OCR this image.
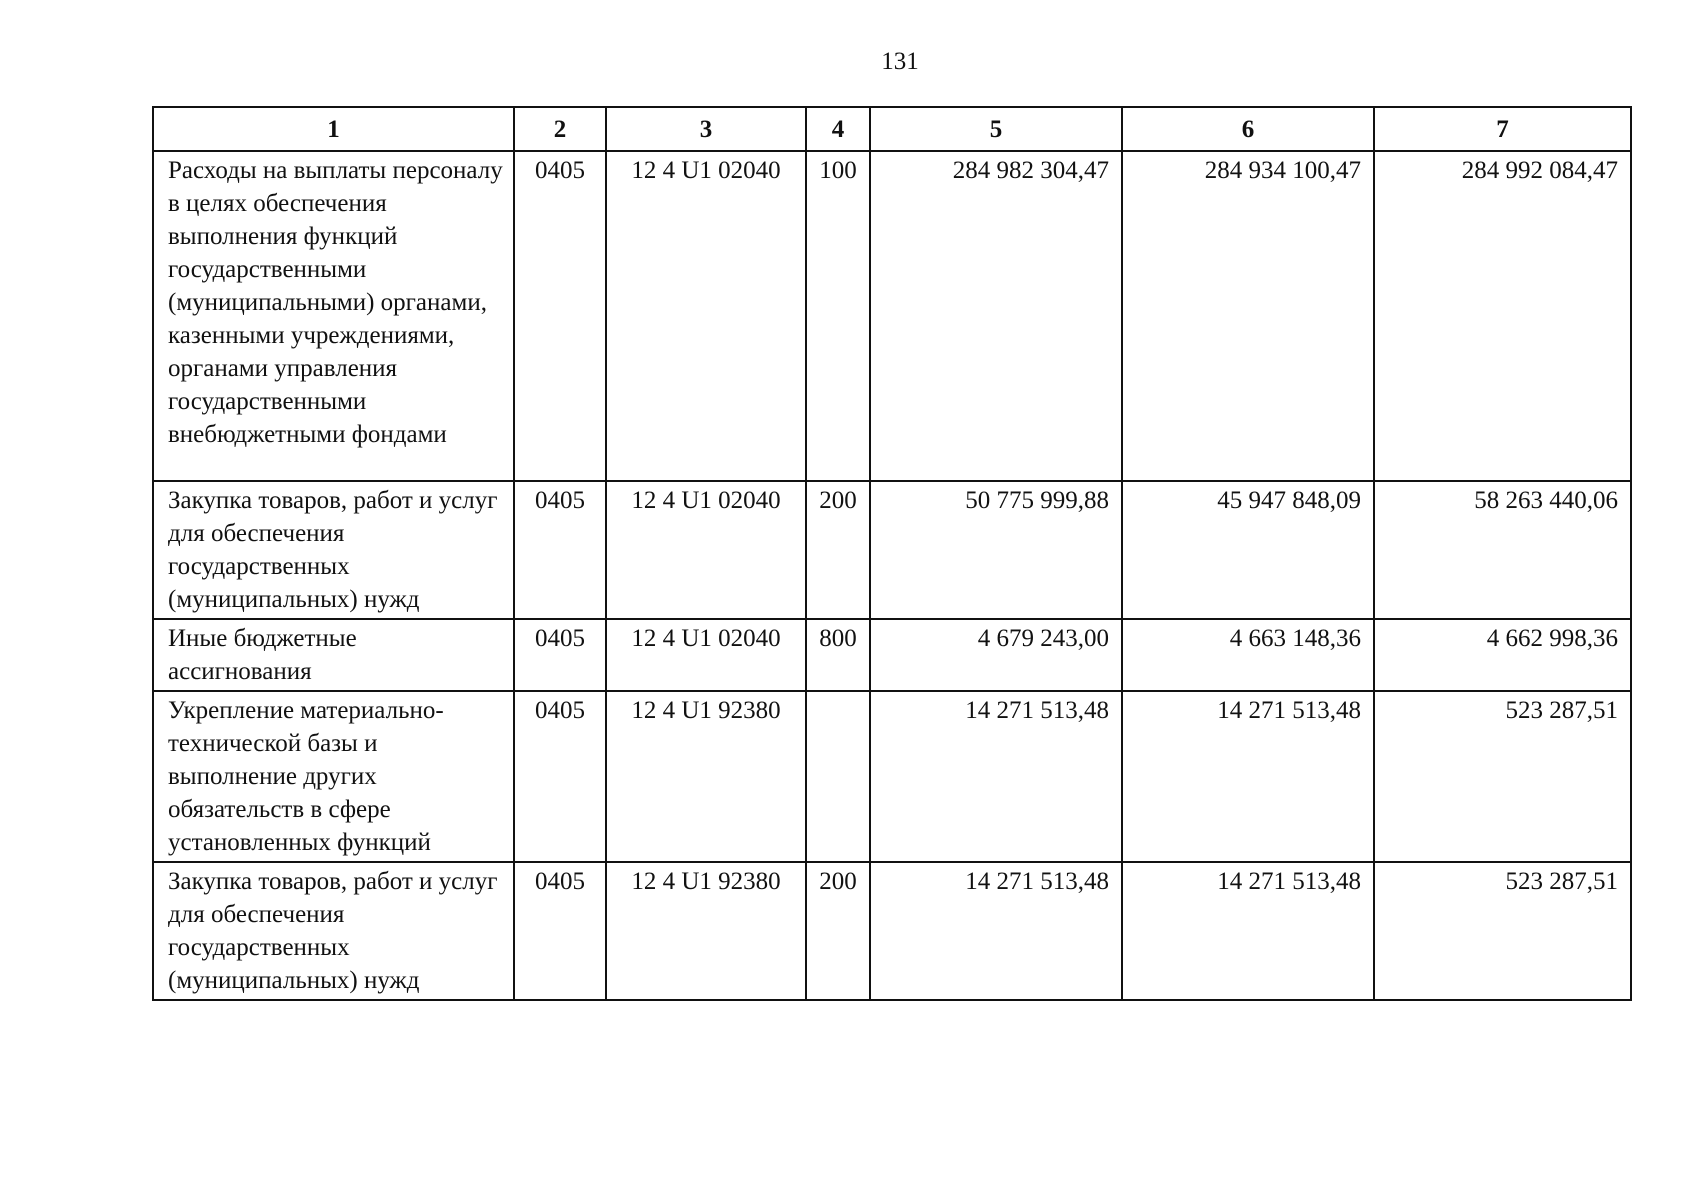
131
1	2	3	4	5	6	7
Расходы на выплаты персоналу в целях обеспечения выполнения функций государственными (муниципальными) органами, казенными учреждениями, органами управления государственными внебюджетными фондами	0405	12 4 U1 02040	100	284 982 304,47	284 934 100,47	284 992 084,47
Закупка товаров, работ и услуг для обеспечения государственных (муниципальных) нужд	0405	12 4 U1 02040	200	50 775 999,88	45 947 848,09	58 263 440,06
Иные бюджетные ассигнования	0405	12 4 U1 02040	800	4 679 243,00	4 663 148,36	4 662 998,36
Укрепление материально-технической базы и выполнение других обязательств в сфере установленных функций	0405	12 4 U1 92380		14 271 513,48	14 271 513,48	523 287,51
Закупка товаров, работ и услуг для обеспечения государственных (муниципальных) нужд	0405	12 4 U1 92380	200	14 271 513,48	14 271 513,48	523 287,51
